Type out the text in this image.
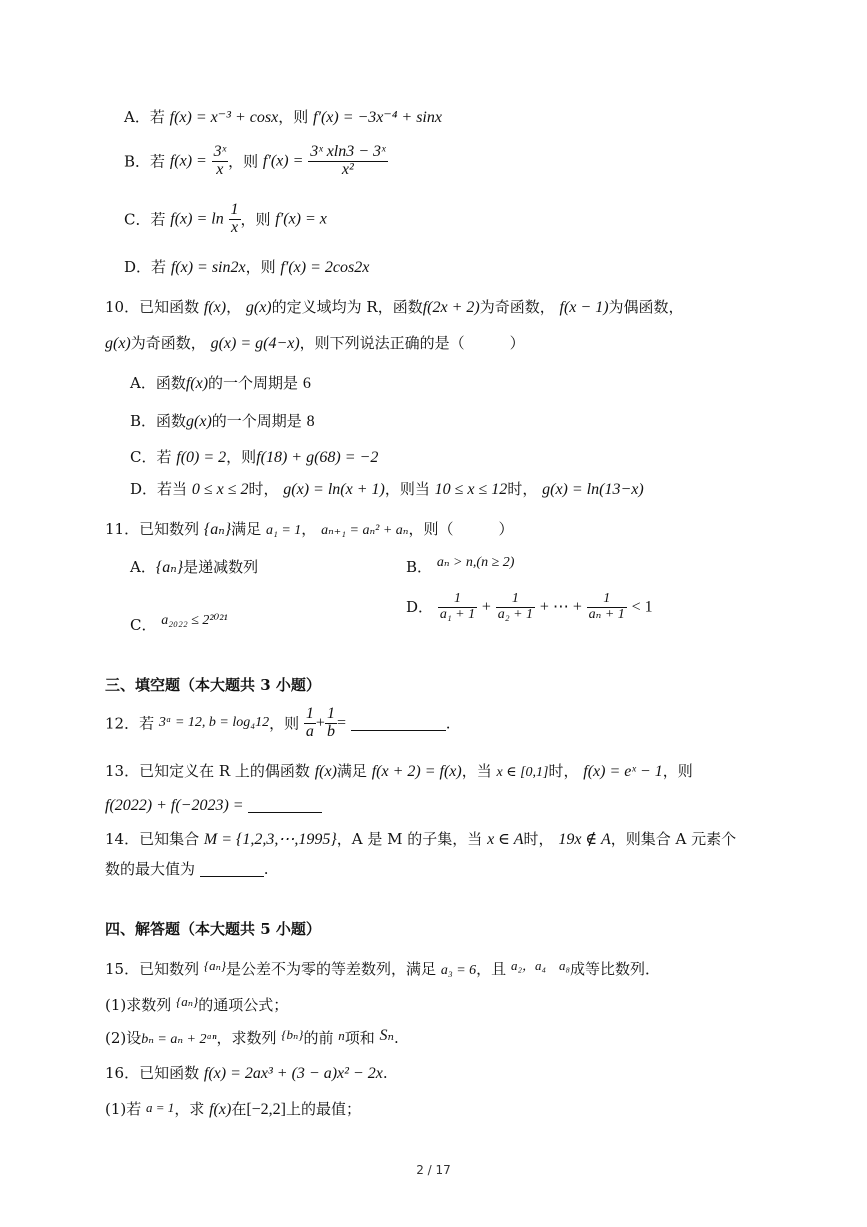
A．若 f(x) = x⁻³ + cosx，则 f′(x) = −3x⁻⁴ + sinx
B．若 $f(x) = \frac{\text{3ˣ}}{x}$ ，则 $f'(x) = \frac{\text{3ˣ xln3 − 3ˣ}}{\text{x²}}$
C．若 $f(x) = \ln \frac{1}{x}$ ，则 f′(x) = x
D．若 f(x) = sin2x，则 f′(x) = 2cos2x
10．已知函数 f(x)， g(x)的定义域均为 R，函数f(2x + 2)为奇函数， f(x − 1)为偶函数，
g(x)为奇函数， g(x) = g(4−x)，则下列说法正确的是（　　　）
A．函数f(x)的一个周期是 6
B．函数g(x)的一个周期是 8
C．若 f(0) = 2，则f(18) + g(68) = −2
D．若当 0 ≤ x ≤ 2时， g(x) = ln(x + 1)，则当 10 ≤ x ≤ 12时， g(x) = ln(13−x)
11．已知数列 {aₙ}满足 a₁ = 1， aₙ₊₁ = aₙ² + aₙ，则（　　　）
A．{aₙ}是递减数列	B． aₙ > n,(n ≥ 2)
C． a₂₀₂₂ ≤ 2²⁰²¹
D． $\frac{1}{\text{a₁ + 1}} + \frac{1}{\text{a₂ + 1}}$ + ⋯ + $\frac{1}{\text{aₙ + 1}} < 1$
三、填空题（本大题共 3 小题）
12．若 3ᵃ = 12, b = log₄12，则 $\frac{1}{a} + \frac{1}{b}$ =	.
13．已知定义在 R 上的偶函数 f(x)满足 f(x + 2) = f(x)，当 x ∈ [0,1]时， f(x) = eˣ − 1，则
f(2022) + f(−2023) =
14．已知集合 M = {1,2,3,⋯,1995}，A 是 M 的子集，当 x ∈ A时， 19x ∉ A，则集合 A 元素个
数的最大值为	.
四、解答题（本大题共 5 小题）
15．已知数列 {aₙ}是公差不为零的等差数列，满足 a₃ = 6，且 a₂，a₄　a₈成等比数列．
(1)求数列 {aₙ}的通项公式；
(2)设bₙ = aₙ + 2ᵃⁿ，求数列 {bₙ}的前 n项和 Sₙ.
16．已知函数 f(x) = 2ax³ + (3 − a)x² − 2x.
(1)若 a = 1，求 f(x)在[−2,2]上的最值；
2 / 17
